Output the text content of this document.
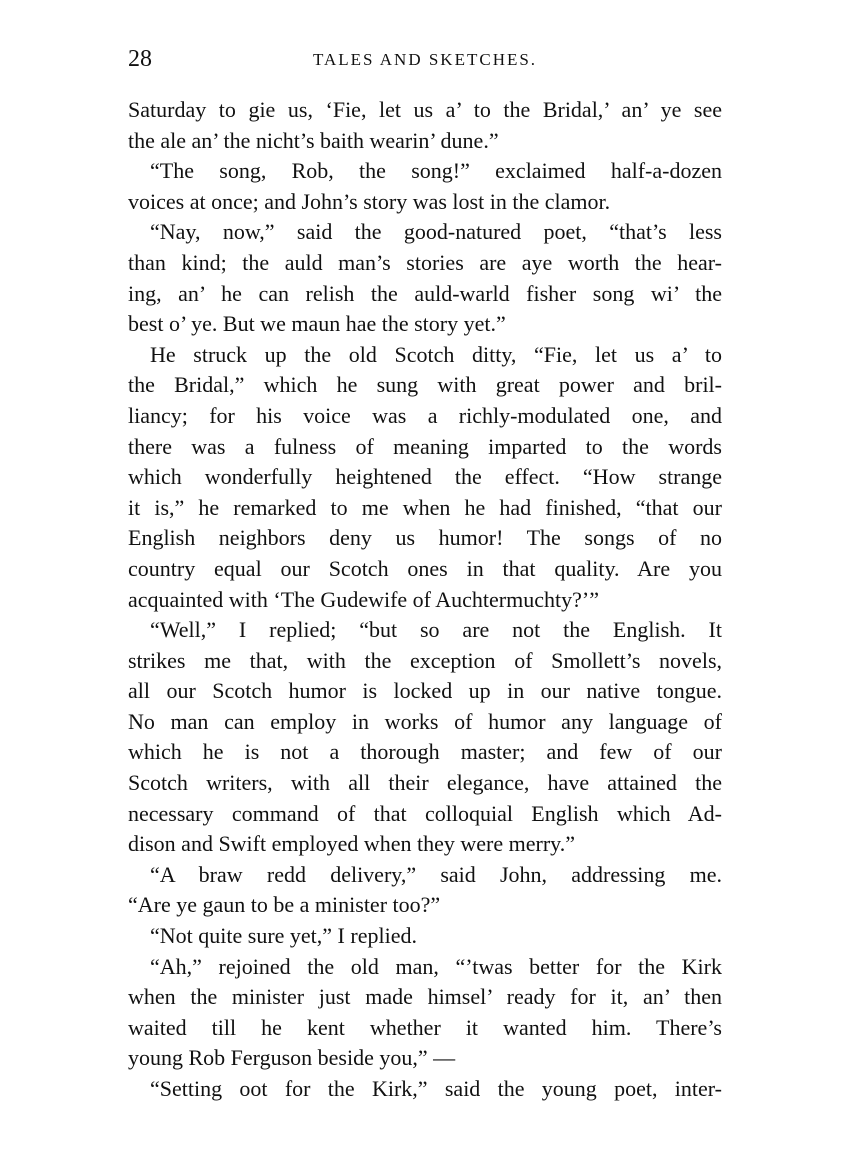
28	TALES AND SKETCHES.
Saturday to gie us, ‘Fie, let us a’ to the Bridal,’ an’ ye see
the ale an’ the nicht’s baith wearin’ dune.”
“The song, Rob, the song!” exclaimed half-a-dozen
voices at once; and John’s story was lost in the clamor.
“Nay, now,” said the good-natured poet, “that’s less
than kind; the auld man’s stories are aye worth the hear-
ing, an’ he can relish the auld-warld fisher song wi’ the
best o’ ye. But we maun hae the story yet.”
He struck up the old Scotch ditty, “Fie, let us a’ to
the Bridal,” which he sung with great power and bril-
liancy; for his voice was a richly-modulated one, and
there was a fulness of meaning imparted to the words
which wonderfully heightened the effect. “How strange
it is,” he remarked to me when he had finished, “that our
English neighbors deny us humor! The songs of no
country equal our Scotch ones in that quality. Are you
acquainted with ‘The Gudewife of Auchtermuchty?’”
“Well,” I replied; “but so are not the English. It
strikes me that, with the exception of Smollett’s novels,
all our Scotch humor is locked up in our native tongue.
No man can employ in works of humor any language of
which he is not a thorough master; and few of our
Scotch writers, with all their elegance, have attained the
necessary command of that colloquial English which Ad-
dison and Swift employed when they were merry.”
“A braw redd delivery,” said John, addressing me.
“Are ye gaun to be a minister too?”
“Not quite sure yet,” I replied.
“Ah,” rejoined the old man, “’twas better for the Kirk
when the minister just made himsel’ ready for it, an’ then
waited till he kent whether it wanted him. There’s
young Rob Ferguson beside you,” —
“Setting oot for the Kirk,” said the young poet, inter-
